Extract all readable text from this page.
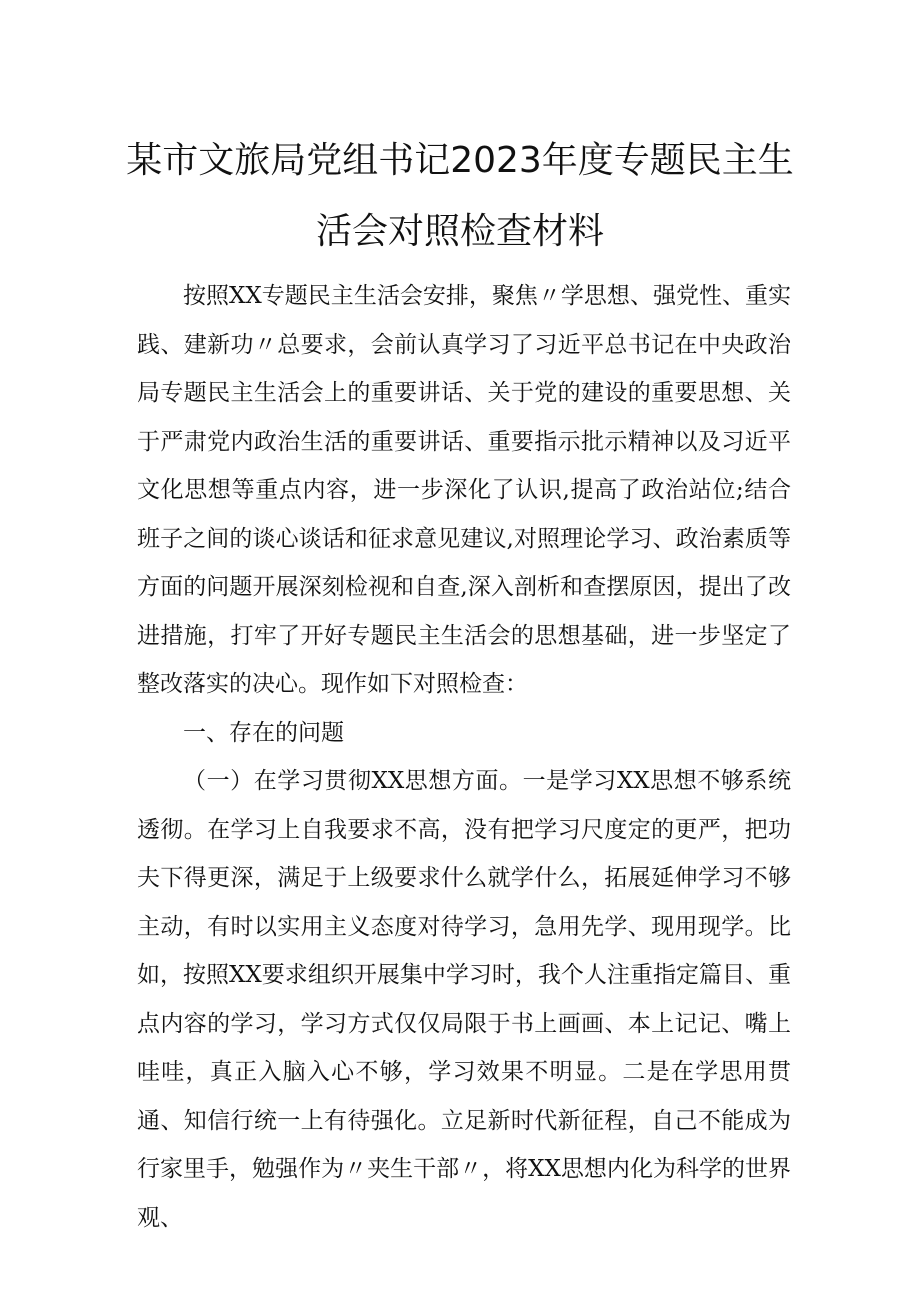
某市文旅局党组书记2023年度专题民主生
活会对照检查材料

按照XX专题民主生活会安排，聚焦〃学思想、强党性、重实践、建新功〃总要求，会前认真学习了习近平总书记在中央政治局专题民主生活会上的重要讲话、关于党的建设的重要思想、关于严肃党内政治生活的重要讲话、重要指示批示精神以及习近平文化思想等重点内容，进一步深化了认识,提高了政治站位;结合班子之间的谈心谈话和征求意见建议,对照理论学习、政治素质等方面的问题开展深刻检视和自查,深入剖析和查摆原因，提出了改进措施，打牢了开好专题民主生活会的思想基础，进一步坚定了整改落实的决心。现作如下对照检查：

一、存在的问题

（一）在学习贯彻XX思想方面。一是学习XX思想不够系统透彻。在学习上自我要求不高，没有把学习尺度定的更严，把功夫下得更深，满足于上级要求什么就学什么，拓展延伸学习不够主动，有时以实用主义态度对待学习，急用先学、现用现学。比如，按照XX要求组织开展集中学习时，我个人注重指定篇目、重点内容的学习，学习方式仅仅局限于书上画画、本上记记、嘴上哇哇，真正入脑入心不够，学习效果不明显。二是在学思用贯通、知信行统一上有待强化。立足新时代新征程，自己不能成为行家里手，勉强作为〃夹生干部〃，将XX思想内化为科学的世界观、
